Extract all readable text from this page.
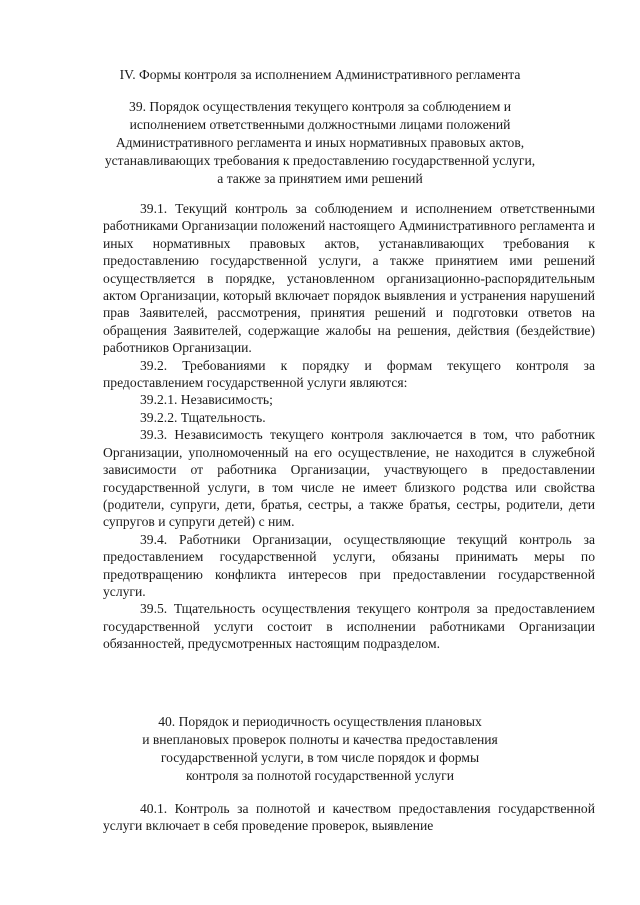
IV. Формы контроля за исполнением Административного регламента
39. Порядок осуществления текущего контроля за соблюдением и
исполнением ответственными должностными лицами положений
Административного регламента и иных нормативных правовых актов,
устанавливающих требования к предоставлению государственной услуги,
а также за принятием ими решений

39.1. Текущий контроль за соблюдением и исполнением ответственными работниками Организации положений настоящего Административного регламента и иных нормативных правовых актов, устанавливающих требования к предоставлению государственной услуги, а также принятием ими решений осуществляется в порядке, установленном организационно-распорядительным актом Организации, который включает порядок выявления и устранения нарушений прав Заявителей, рассмотрения, принятия решений и подготовки ответов на обращения Заявителей, содержащие жалобы на решения, действия (бездействие) работников Организации.

39.2. Требованиями к порядку и формам текущего контроля за предоставлением государственной услуги являются:

39.2.1. Независимость;

39.2.2. Тщательность.

39.3. Независимость текущего контроля заключается в том, что работник Организации, уполномоченный на его осуществление, не находится в служебной зависимости от работника Организации, участвующего в предоставлении государственной услуги, в том числе не имеет близкого родства или свойства (родители, супруги, дети, братья, сестры, а также братья, сестры, родители, дети супругов и супруги детей) с ним.

39.4. Работники Организации, осуществляющие текущий контроль за предоставлением государственной услуги, обязаны принимать меры по предотвращению конфликта интересов при предоставлении государственной услуги.

39.5. Тщательность осуществления текущего контроля за предоставлением государственной услуги состоит в исполнении работниками Организации обязанностей, предусмотренных настоящим подразделом.

40. Порядок и периодичность осуществления плановых
и внеплановых проверок полноты и качества предоставления
государственной услуги, в том числе порядок и формы
контроля за полнотой государственной услуги

40.1. Контроль за полнотой и качеством предоставления государственной услуги включает в себя проведение проверок, выявление
